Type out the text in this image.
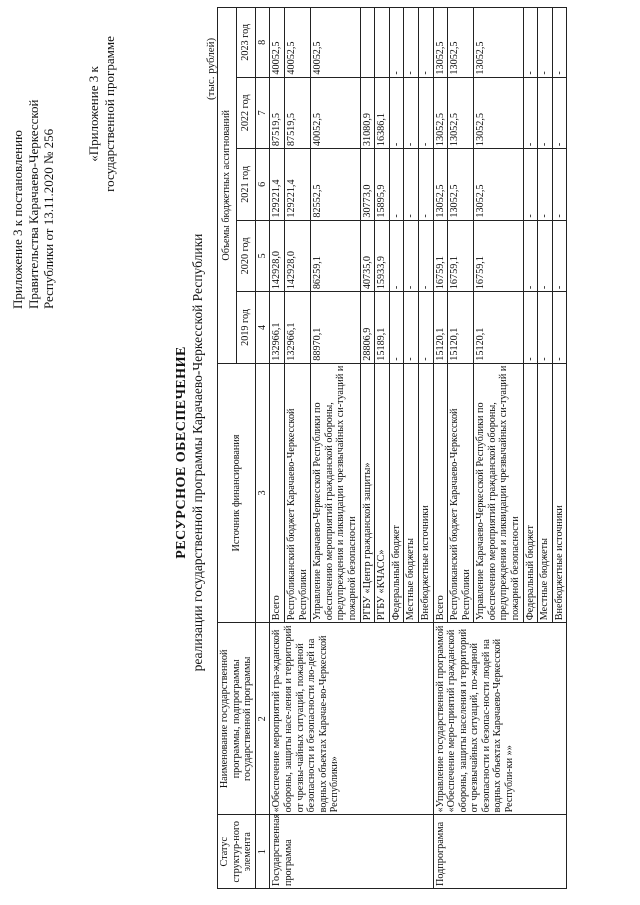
Приложение 3 к постановлению Правительства Карачаево-Черкесской Республики от 13.11.2020 № 256
«Приложение 3 к государственной программе
РЕСУРСНОЕ ОБЕСПЕЧЕНИЕ реализации государственной программы Карачаево-Черкесской Республики
(тыс. рублей)
Статус структур-ного элемента	Наименование государственной программы, подпрограммы государственной программы	Источник финансирования	Объемы бюджетных ассигнований				
			2019 год	2020 год	2021 год	2022 год	2023 год
1	2	3	4	5	6	7	8
Государственная программа	«Обеспечение мероприятий гра-жданской обороны, защиты насе-ления и территорий от чрезвы-чайных ситуаций, пожарной безопасности и безопасности лю-дей на водных объектах Карачае-во-Черкесской Республики»	Всего	132966,1	142928,0	129221,4	87519,5	40052,5
		Республиканский бюджет Карачаево-Черкесской Республики	132966,1	142928,0	129221,4	87519,5	40052,5
		Управление Карачаево-Черкесской Республики по обеспечению мероприятий гражданской обороны, предупреждения и ликвидации чрезвычайных си-туаций и пожарной безопасности	88970,1	86259,1	82552,5	40052,5	40052,5
		РГБУ «Центр гражданской защиты»	28806,9	40735,0	30773,0	31080,9	
		РГБУ «КЧАСС»	15189,1	15933,9	15895,9	16386,1	
		Федеральный бюджет	-	-	-	-	-
		Местные бюджеты	-	-	-	-	-
		Внебюджетные источники	-	-	-	-	-
Подпрограмма	«Управление государственной программой «Обеспечение меро-приятий гражданской обороны, защиты населения и территорий от чрезвычайных ситуаций, по-жарной безопасности и безопас-ности людей на водных объектах Карачаево-Черкесской Республи-ки »»	Всего	15120,1	16759,1	13052,5	13052,5	13052,5
		Республиканский бюджет Карачаево-Черкесской Республики	15120,1	16759,1	13052,5	13052,5	13052,5
		Управление Карачаево-Черкесской Республики по обеспечению мероприятий гражданской обороны, предупреждения и ликвидации чрезвычайных си-туаций и пожарной безопасности	15120,1	16759,1	13052,5	13052,5	13052,5
		Федеральный бюджет	-	-	-	-	-
		Местные бюджеты	-	-	-	-	-
		Внебюджетные источники	-	-	-	-	-
